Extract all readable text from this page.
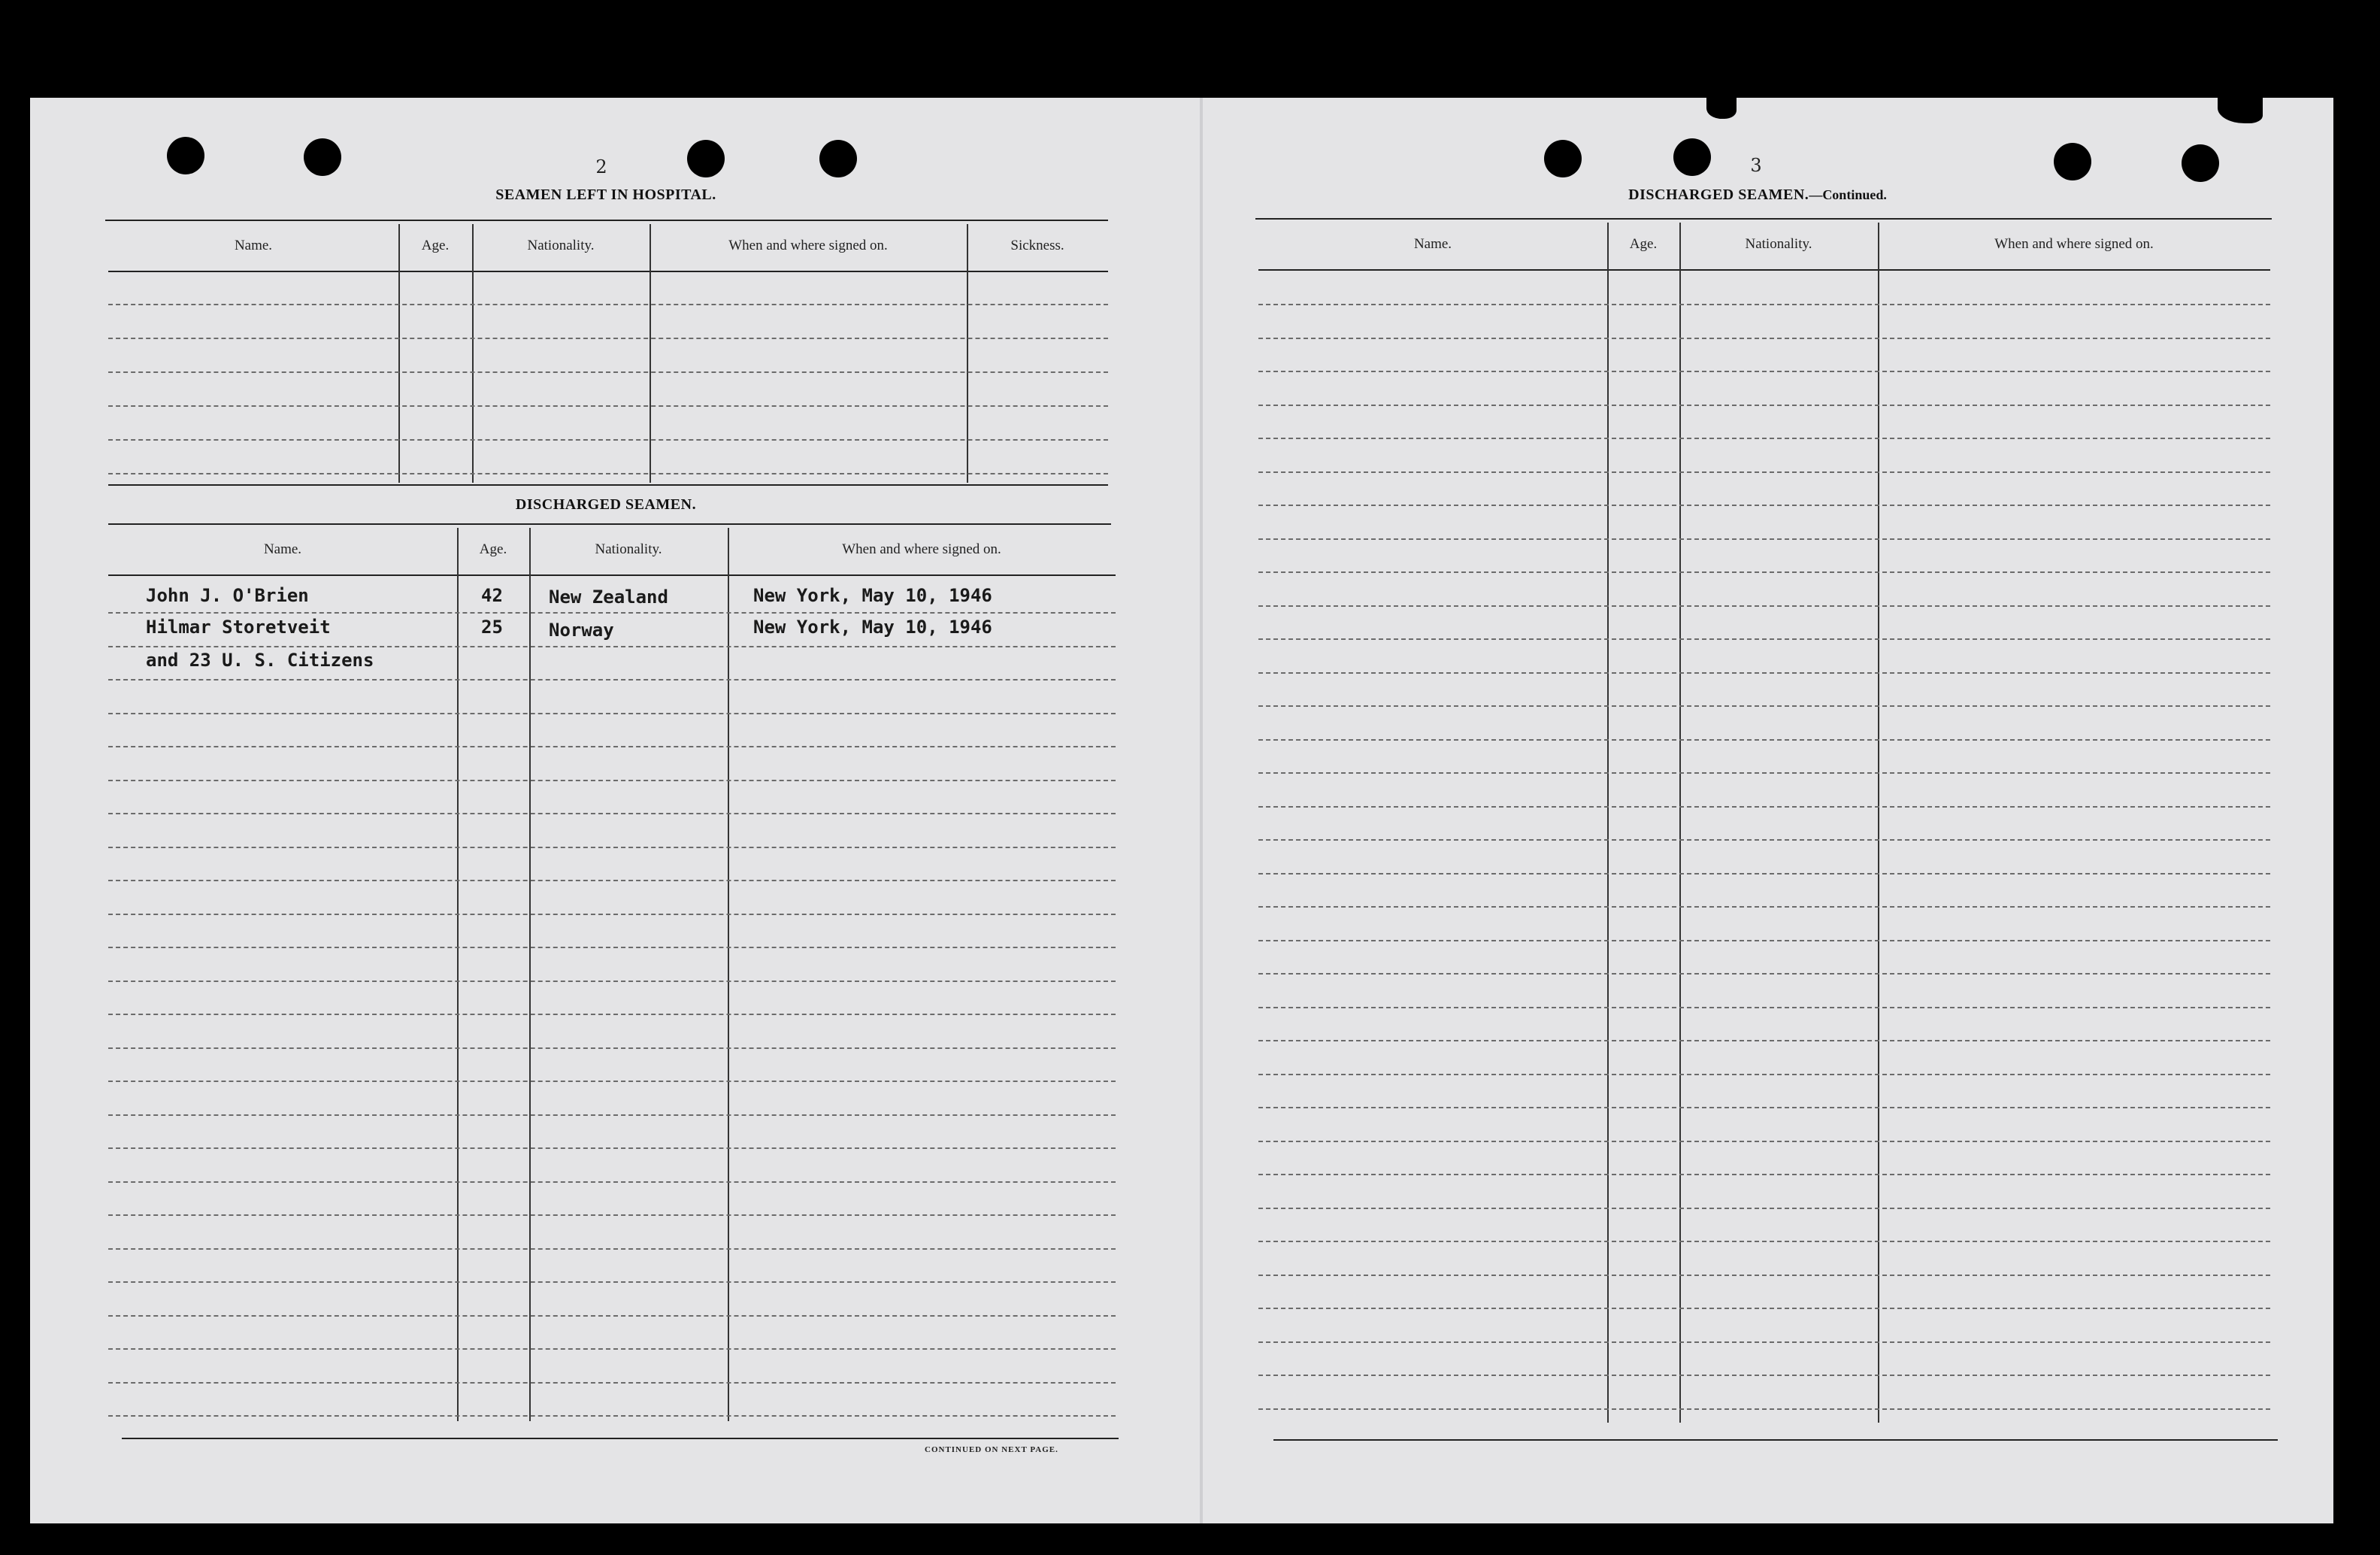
2
SEAMEN LEFT IN HOSPITAL.
Name.	Age.	Nationality.	When and where signed on.	Sickness.
DISCHARGED SEAMEN.
Name.	Age.	Nationality.	When and where signed on.
John J. O'Brien	42	New Zealand	New York, May 10, 1946
Hilmar Storetveit	25	Norway	New York, May 10, 1946
and 23 U. S. Citizens
CONTINUED ON NEXT PAGE.
3
DISCHARGED SEAMEN.—Continued.
Name.	Age.	Nationality.	When and where signed on.
